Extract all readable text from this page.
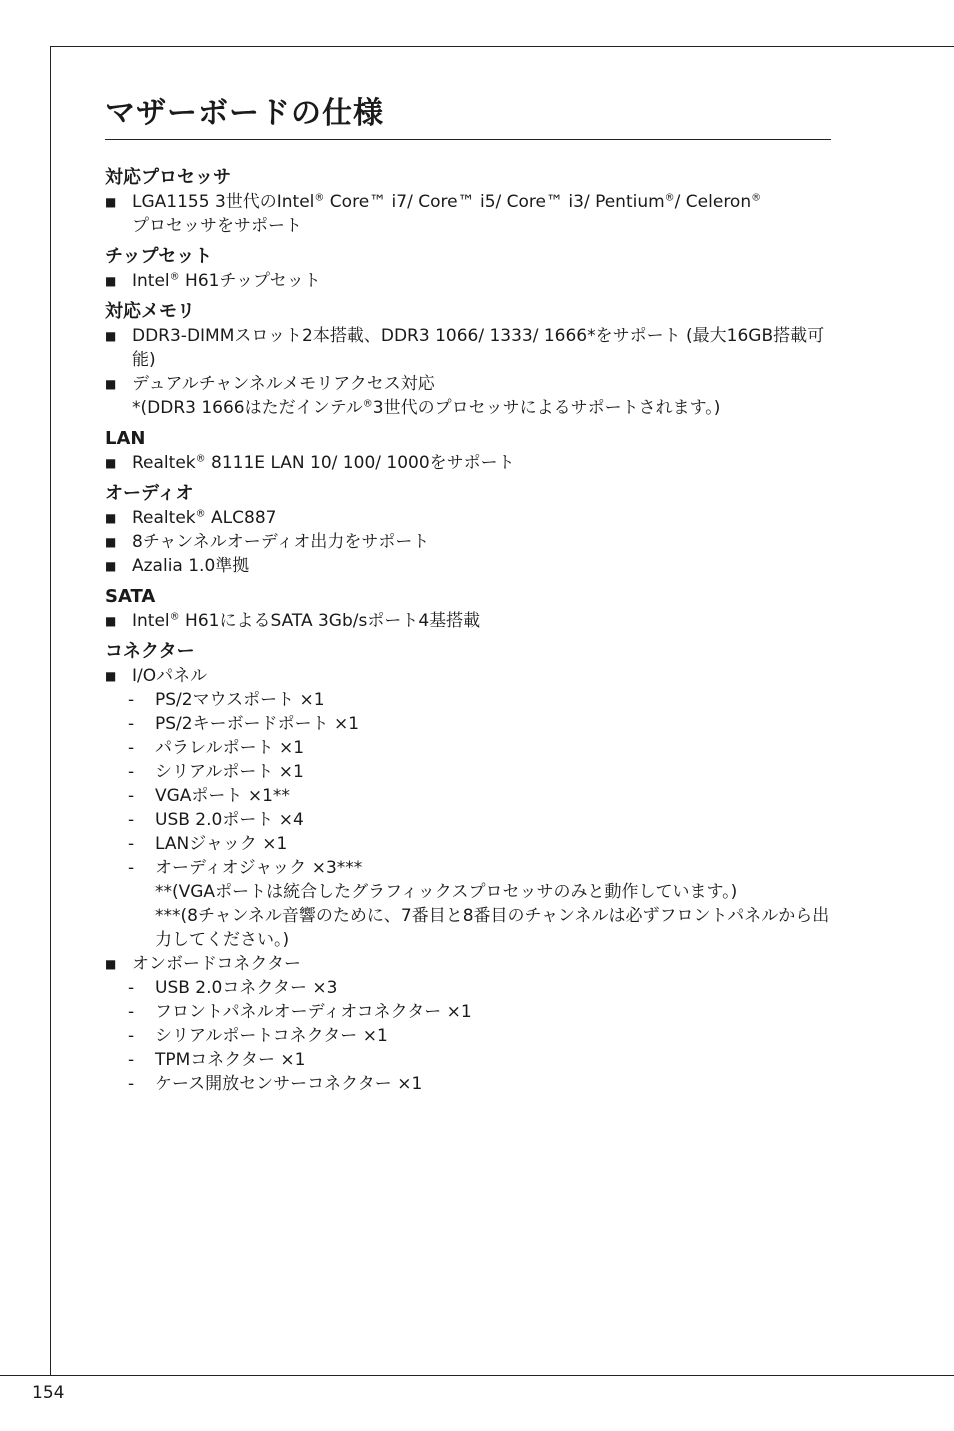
154
マザーボードの仕様
対応プロセッサ
■ LGA1155 3世代のIntel® Core™ i7/ Core™ i5/ Core™ i3/ Pentium®/ Celeron®
プロセッサをサポート
チップセット
■ Intel® H61チップセット
対応メモリ
■ DDR3-DIMMスロット2本搭載、DDR3 1066/ 1333/ 1666*をサポート (最大16GB搭載可能)
■ デュアルチャンネルメモリアクセス対応
*(DDR3 1666はただインテル®3世代のプロセッサによるサポートされます。)
LAN
■ Realtek® 8111E LAN 10/ 100/ 1000をサポート
オーディオ
■ Realtek® ALC887
■ 8チャンネルオーディオ出力をサポート
■ Azalia 1.0準拠
SATA
■ Intel® H61によるSATA 3Gb/sポート4基搭載
コネクター
■ I/Oパネル
-	PS/2マウスポート ×1
-	PS/2キーボードポート ×1
-	パラレルポート ×1
-	シリアルポート ×1
-	VGAポート ×1**
-	USB 2.0ポート ×4
-	LANジャック ×1
-	オーディオジャック ×3***
**(VGAポートは統合したグラフィックスプロセッサのみと動作しています。)
***(8チャンネル音響のために、7番目と8番目のチャンネルは必ずフロントパネルから出力してください。)
■ オンボードコネクター
-	USB 2.0コネクター ×3
-	フロントパネルオーディオコネクター ×1
-	シリアルポートコネクター ×1
-	TPMコネクター ×1
-	ケース開放センサーコネクター ×1
